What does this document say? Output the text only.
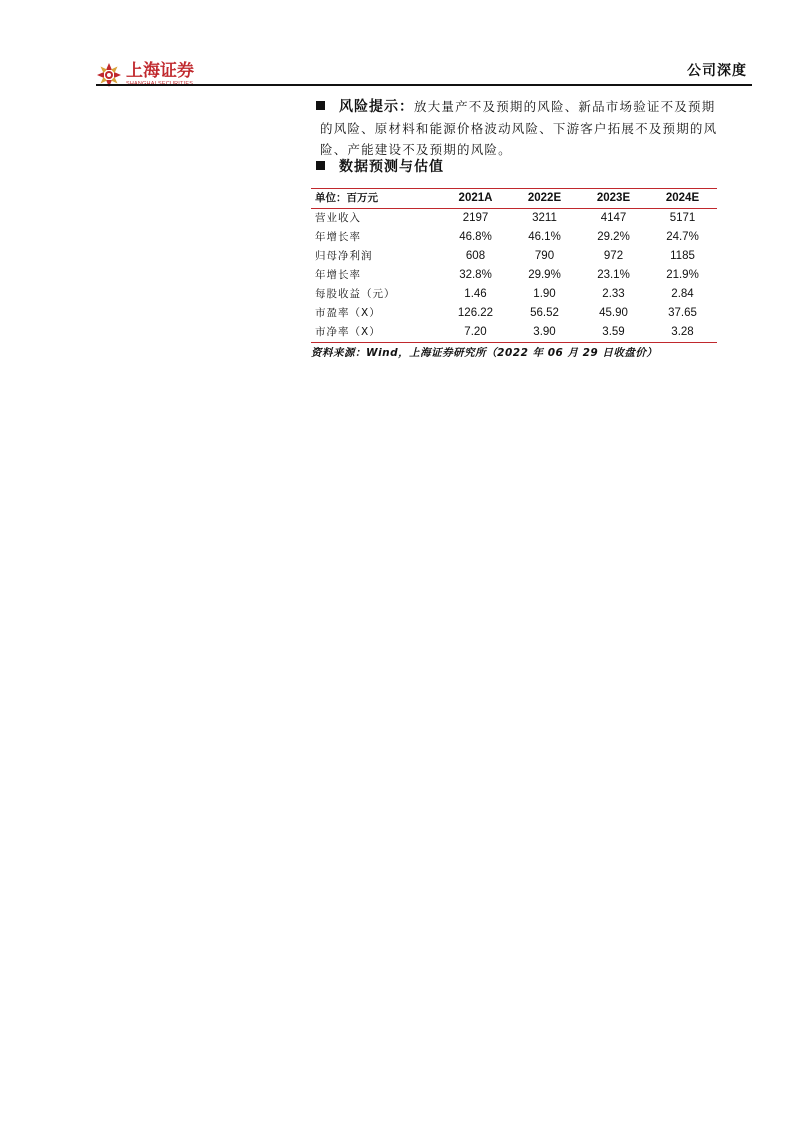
上海证券	公司深度
风险提示：放大量产不及预期的风险、新品市场验证不及预期
的风险、原材料和能源价格波动风险、下游客户拓展不及预期的风
险、产能建设不及预期的风险。
数据预测与估值
单位：百万元	2021A	2022E	2023E	2024E
营业收入	2197	3211	4147	5171
年增长率	46.8%	46.1%	29.2%	24.7%
归母净利润	608	790	972	1185
年增长率	32.8%	29.9%	23.1%	21.9%
每股收益（元）	1.46	1.90	2.33	2.84
市盈率（X）	126.22	56.52	45.90	37.65
市净率（X）	7.20	3.90	3.59	3.28
资料来源：Wind，上海证券研究所（2022 年 06 月 29 日收盘价）
